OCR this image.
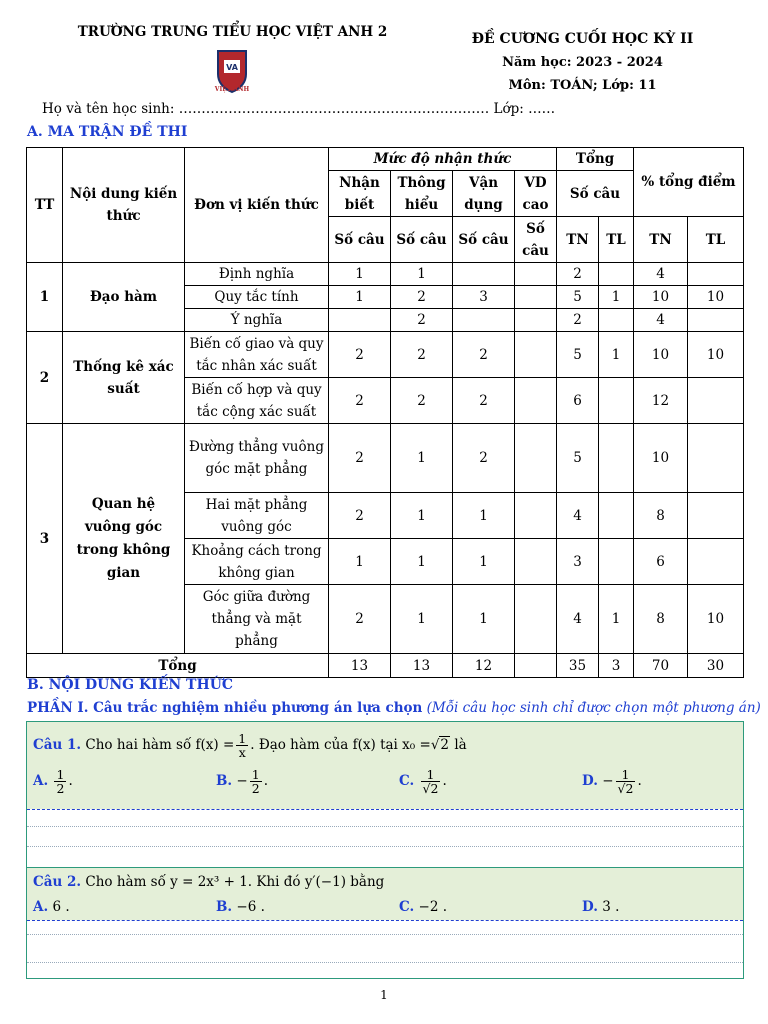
TRƯỜNG TRUNG TIỂU HỌC VIỆT ANH 2
VA
VIỆT ANH
ĐỀ CƯƠNG CUỐI HỌC KỲ II
Năm học: 2023 - 2024
Môn: TOÁN; Lớp: 11
Họ và tên học sinh: …………………………………………………………… Lớp: ……
A. MA TRẬN ĐỀ THI
TT	Nội dung kiến thức	Đơn vị kiến thức	Mức độ nhận thức				Tổng		% tổng điểm	
			Nhận biết	Thông hiểu	Vận dụng	VD cao	Số câu			
			Số câu	Số câu	Số câu	Số câu	TN	TL	TN	TL
1	Đạo hàm	Định nghĩa	1	1			2		4	
		Quy tắc tính	1	2	3		5	1	10	10
		Ý nghĩa		2			2		4	
2	Thống kê xác suất	Biến cố giao và quy tắc nhân xác suất	2	2	2		5	1	10	10
		Biến cố hợp và quy tắc cộng xác suất	2	2	2		6		12	
3	Quan hệ vuông góc trong không gian	Đường thẳng vuông góc mặt phẳng	2	1	2		5		10	
		Hai mặt phẳng vuông góc	2	1	1		4		8	
		Khoảng cách trong không gian	1	1	1		3		6	
		Góc giữa đường thẳng và mặt phẳng	2	1	1		4	1	8	10
Tổng			13	13	12		35	3	70	30
B. NỘI DUNG KIẾN THỨC
PHẦN I. Câu trắc nghiệm nhiều phương án lựa chọn (Mỗi câu học sinh chỉ được chọn một phương án)
Câu 1. Cho hai hàm số $f(x) = \frac{1}{x}$ . Đạo hàm của f(x) tại x₀ =√2 là
A. $\frac{1}{2}$ .	B. − $\frac{1}{2}$ .	C. $\frac{1}{√2}$ .	D. − $\frac{1}{√2}$ .
Câu 2. Cho hàm số y = 2x³ + 1. Khi đó y′(−1) bằng
A. 6 .	B. −6 .	C. −2 .	D. 3 .
1
